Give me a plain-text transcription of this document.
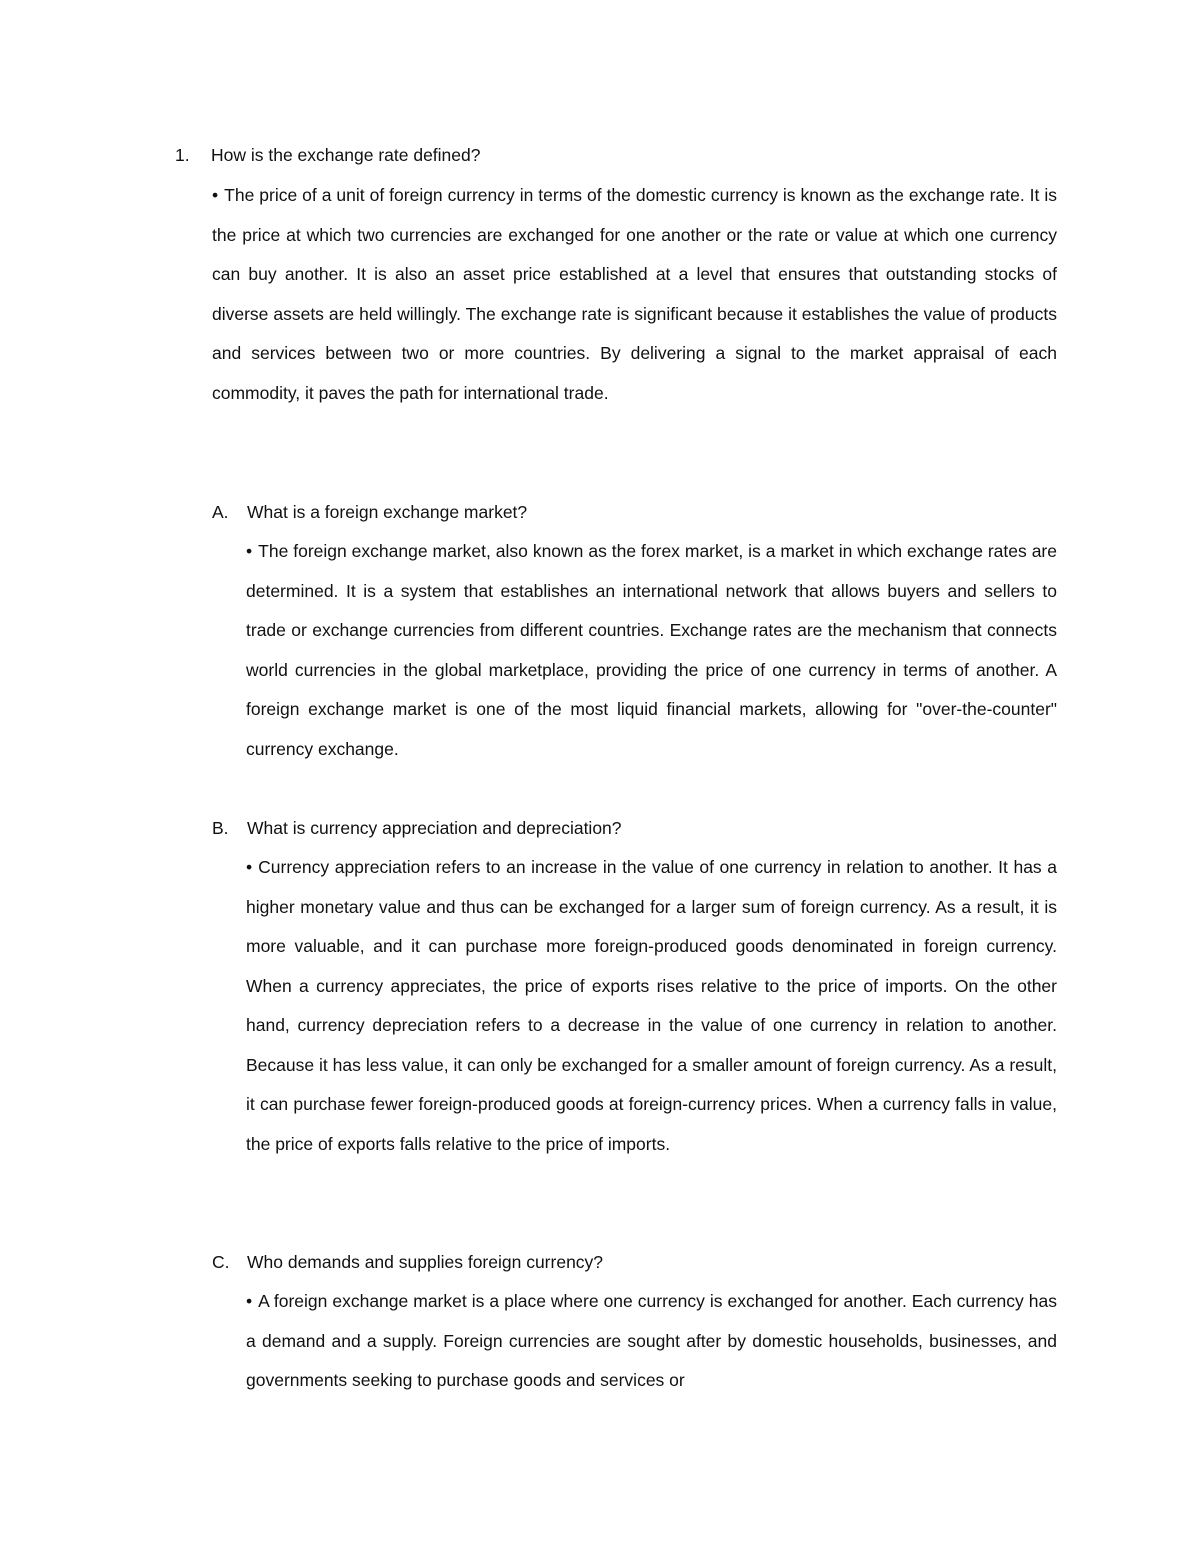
1. How is the exchange rate defined?

• The price of a unit of foreign currency in terms of the domestic currency is known as the exchange rate. It is the price at which two currencies are exchanged for one another or the rate or value at which one currency can buy another. It is also an asset price established at a level that ensures that outstanding stocks of diverse assets are held willingly. The exchange rate is significant because it establishes the value of products and services between two or more countries. By delivering a signal to the market appraisal of each commodity, it paves the path for international trade.

A. What is a foreign exchange market?

• The foreign exchange market, also known as the forex market, is a market in which exchange rates are determined. It is a system that establishes an international network that allows buyers and sellers to trade or exchange currencies from different countries. Exchange rates are the mechanism that connects world currencies in the global marketplace, providing the price of one currency in terms of another. A foreign exchange market is one of the most liquid financial markets, allowing for "over-the-counter" currency exchange.

B. What is currency appreciation and depreciation?

• Currency appreciation refers to an increase in the value of one currency in relation to another. It has a higher monetary value and thus can be exchanged for a larger sum of foreign currency. As a result, it is more valuable, and it can purchase more foreign-produced goods denominated in foreign currency. When a currency appreciates, the price of exports rises relative to the price of imports. On the other hand, currency depreciation refers to a decrease in the value of one currency in relation to another. Because it has less value, it can only be exchanged for a smaller amount of foreign currency. As a result, it can purchase fewer foreign-produced goods at foreign-currency prices. When a currency falls in value, the price of exports falls relative to the price of imports.

C. Who demands and supplies foreign currency?

• A foreign exchange market is a place where one currency is exchanged for another. Each currency has a demand and a supply. Foreign currencies are sought after by domestic households, businesses, and governments seeking to purchase goods and services or
